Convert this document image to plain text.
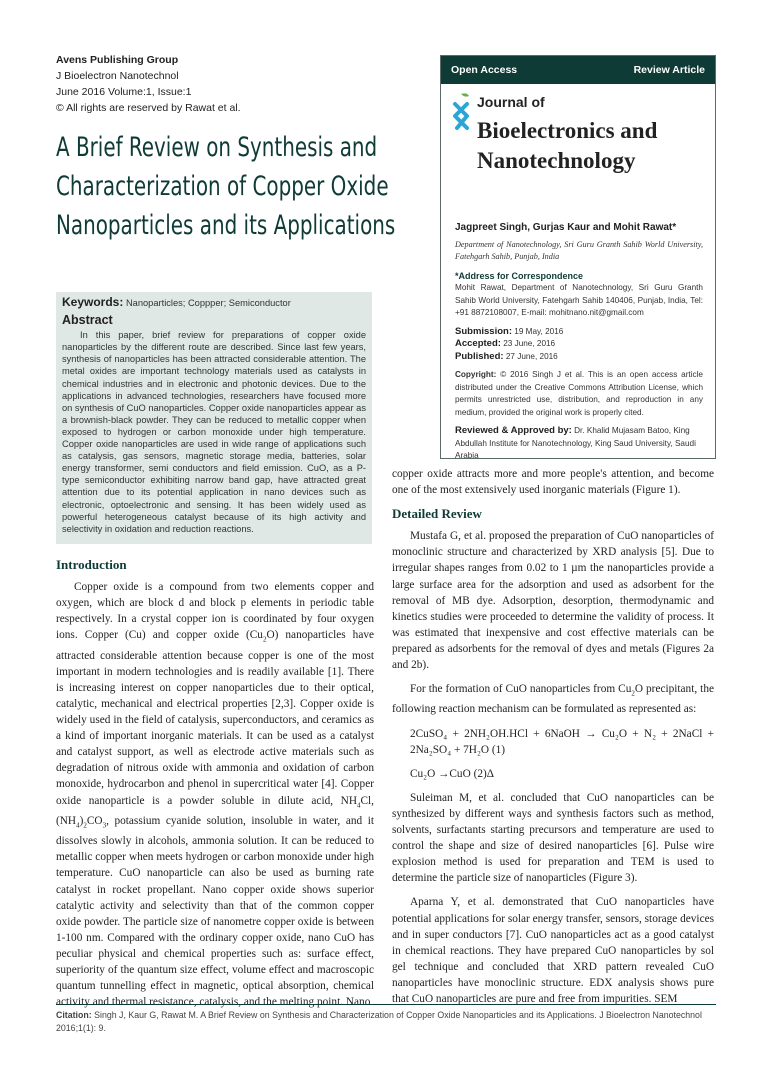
Avens Publishing Group
J Bioelectron Nanotechnol
June 2016 Volume:1, Issue:1
© All rights are reserved by Rawat et al.
A Brief Review on Synthesis and Characterization of Copper Oxide Nanoparticles and its Applications
Keywords: Nanoparticles; Coppper; Semiconductor
Abstract

In this paper, brief review for preparations of copper oxide nanoparticles by the different route are described. Since last few years, synthesis of nanoparticles has been attracted considerable attention. The metal oxides are important technology materials used as catalysts in chemical industries and in electronic and photonic devices. Due to the applications in advanced technologies, researchers have focused more on synthesis of CuO nanoparticles. Copper oxide nanoparticles appear as a brownish-black powder. They can be reduced to metallic copper when exposed to hydrogen or carbon monoxide under high temperature. Copper oxide nanoparticles are used in wide range of applications such as catalysis, gas sensors, magnetic storage media, batteries, solar energy transformer, semi conductors and field emission. CuO, as a P-type semiconductor exhibiting narrow band gap, have attracted great attention due to its potential application in nano devices such as electronic, optoelectronic and sensing. It has been widely used as powerful heterogeneous catalyst because of its high activity and selectivity in oxidation and reduction reactions.

Open Access	Review Article
Journal of
Bioelectronics and
Nanotechnology
Jagpreet Singh, Gurjas Kaur and Mohit Rawat*
Department of Nanotechnology, Sri Guru Granth Sahib World University, Fatehgarh Sahib, Punjab, India
*Address for Correspondence
Mohit Rawat, Department of Nanotechnology, Sri Guru Granth Sahib World University, Fatehgarh Sahib 140406, Punjab, India, Tel: +91 8872108007, E-mail: mohitnano.nit@gmail.com
Submission: 19 May, 2016
Accepted: 23 June, 2016
Published: 27 June, 2016
Copyright: © 2016 Singh J et al. This is an open access article distributed under the Creative Commons Attribution License, which permits unrestricted use, distribution, and reproduction in any medium, provided the original work is properly cited.
Reviewed & Approved by: Dr. Khalid Mujasam Batoo, King Abdullah Institute for Nanotechnology, King Saud University, Saudi Arabia
Introduction

Copper oxide is a compound from two elements copper and oxygen, which are block d and block p elements in periodic table respectively. In a crystal copper ion is coordinated by four oxygen ions. Copper (Cu) and copper oxide $(Cu_2O)$ nanoparticles have attracted considerable attention because copper is one of the most important in modern technologies and is readily available [1]. There is increasing interest on copper nanoparticles due to their optical, catalytic, mechanical and electrical properties [2,3]. Copper oxide is widely used in the field of catalysis, superconductors, and ceramics as a kind of important inorganic materials. It can be used as a catalyst and catalyst support, as well as electrode active materials such as degradation of nitrous oxide with ammonia and oxidation of carbon monoxide, hydrocarbon and phenol in supercritical water [4]. Copper oxide nanoparticle is a powder soluble in dilute acid, $NH_4Cl$, $(NH_4)_2CO_3$, potassium cyanide solution, insoluble in water, and it dissolves slowly in alcohols, ammonia solution. It can be reduced to metallic copper when meets hydrogen or carbon monoxide under high temperature. CuO nanoparticle can also be used as burning rate catalyst in rocket propellant. Nano copper oxide shows superior catalytic activity and selectivity than that of the common copper oxide powder. The particle size of nanometre copper oxide is between 1-100 nm. Compared with the ordinary copper oxide, nano CuO has peculiar physical and chemical properties such as: surface effect, superiority of the quantum size effect, volume effect and macroscopic quantum tunnelling effect in magnetic, optical absorption, chemical activity and thermal resistance, catalysis, and the melting point. Nano

copper oxide attracts more and more people's attention, and become one of the most extensively used inorganic materials (Figure 1).

Detailed Review

Mustafa G, et al. proposed the preparation of CuO nanoparticles of monoclinic structure and characterized by XRD analysis [5]. Due to irregular shapes ranges from 0.02 to 1 µm the nanoparticles provide a large surface area for the adsorption and used as adsorbent for the removal of MB dye. Adsorption, desorption, thermodynamic and kinetics studies were proceeded to determine the validity of process. It was estimated that inexpensive and cost effective materials can be prepared as adsorbents for the removal of dyes and metals (Figures 2a and 2b).

For the formation of CuO nanoparticles from $Cu_2O$ precipitant, the following reaction mechanism can be formulated as represented as:

2CuSO₄ + 2NH₂OH.HCl + 6NaOH → Cu₂O + N₂ + 2NaCl + 2Na₂SO₄ + 7H₂O (1)

Cu₂O →CuO (2)Δ

Suleiman M, et al. concluded that CuO nanoparticles can be synthesized by different ways and synthesis factors such as method, solvents, surfactants starting precursors and temperature are used to control the shape and size of desired nanoparticles [6]. Pulse wire explosion method is used for preparation and TEM is used to determine the particle size of nanoparticles (Figure 3).

Aparna Y, et al. demonstrated that CuO nanoparticles have potential applications for solar energy transfer, sensors, storage devices and in super conductors [7]. CuO nanoparticles act as a good catalyst in chemical reactions. They have prepared CuO nanoparticles by sol gel technique and concluded that XRD pattern revealed CuO nanoparticles have monoclinic structure. EDX analysis shows pure that CuO nanoparticles are pure and free from impurities. SEM

Citation: Singh J, Kaur G, Rawat M. A Brief Review on Synthesis and Characterization of Copper Oxide Nanoparticles and its Applications. J Bioelectron Nanotechnol 2016;1(1): 9.
